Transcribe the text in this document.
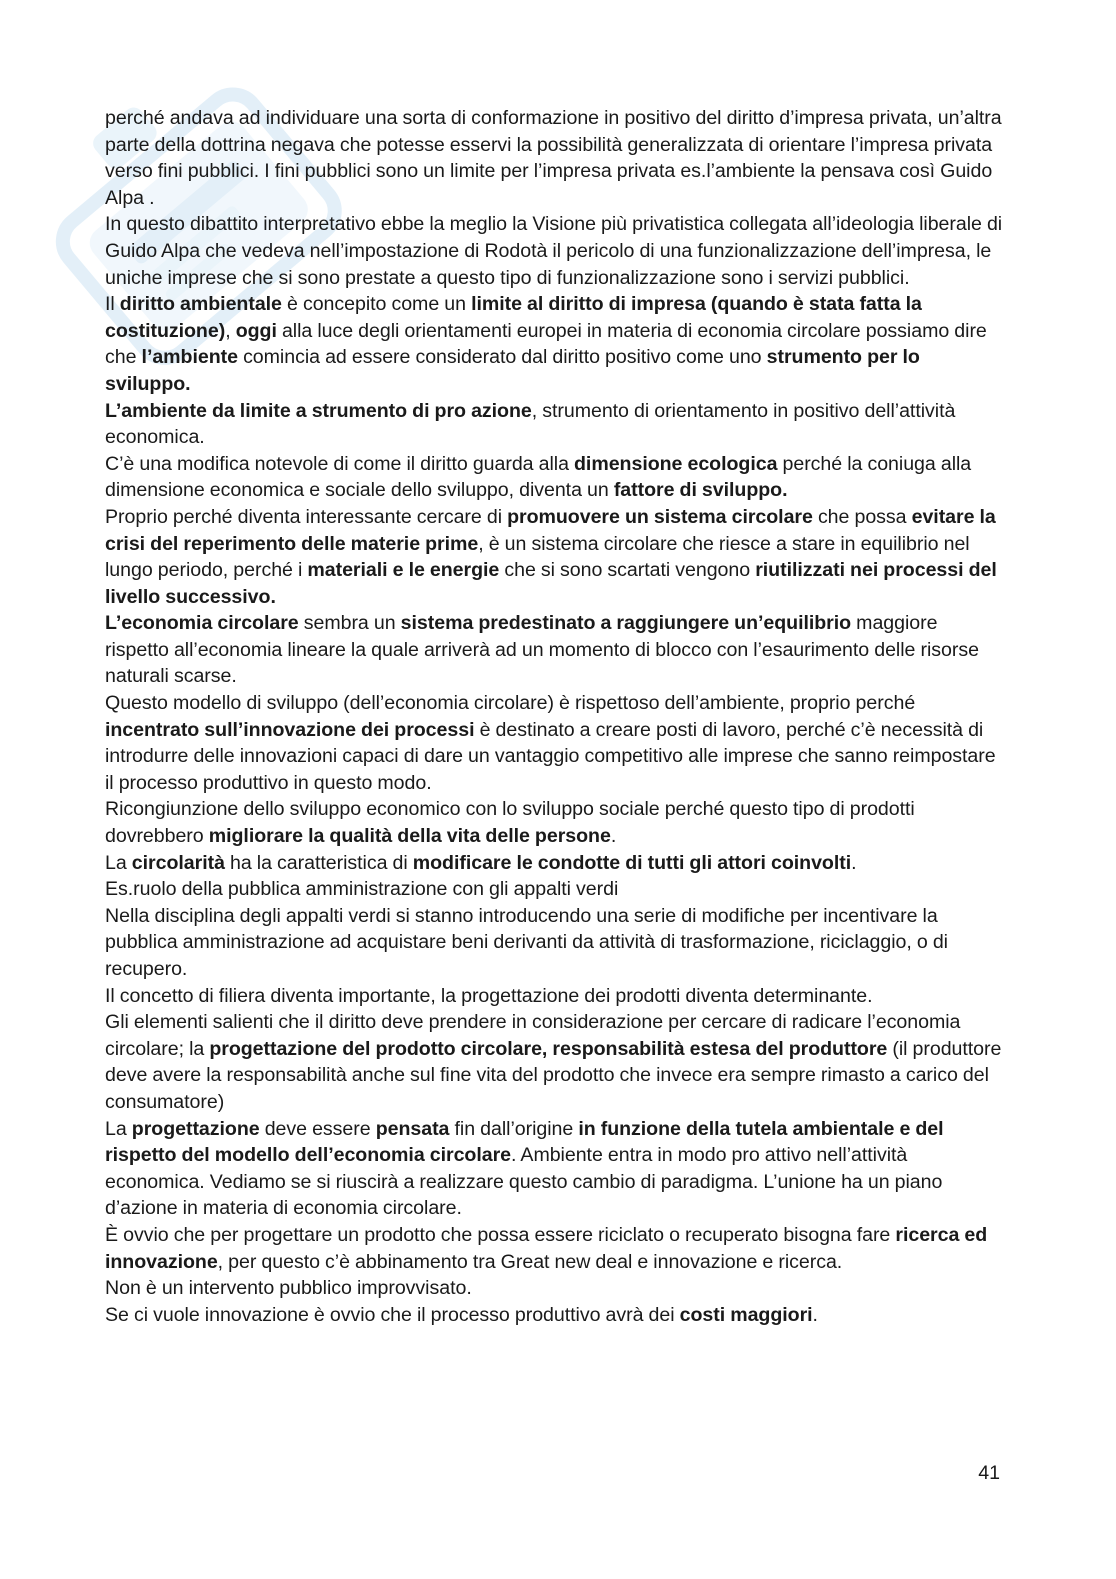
perché andava ad individuare una sorta di conformazione in positivo del diritto d’impresa privata, un’altra parte della dottrina negava che potesse esservi la possibilità generalizzata di orientare l’impresa privata verso fini pubblici. I fini pubblici sono un limite per l’impresa privata es.l’ambiente la pensava così Guido Alpa .

In questo dibattito interpretativo ebbe la meglio la Visione più privatistica collegata all’ideologia liberale di Guido Alpa che vedeva nell’impostazione di Rodotà il pericolo di una funzionalizzazione dell’impresa, le uniche imprese che si sono prestate a questo tipo di funzionalizzazione sono i servizi pubblici.

Il diritto ambientale è concepito come un limite al diritto di impresa (quando è stata fatta la costituzione), oggi alla luce degli orientamenti europei in materia di economia circolare possiamo dire che l’ambiente comincia ad essere considerato dal diritto positivo come uno strumento per lo sviluppo.

L’ambiente da limite a strumento di pro azione, strumento di orientamento in positivo dell’attività economica.

C’è una modifica notevole di come il diritto guarda alla dimensione ecologica perché la coniuga alla dimensione economica e sociale dello sviluppo, diventa un fattore di sviluppo.

Proprio perché diventa interessante cercare di promuovere un sistema circolare che possa evitare la crisi del reperimento delle materie prime, è un sistema circolare che riesce a stare in equilibrio nel lungo periodo, perché i materiali e le energie che si sono scartati vengono riutilizzati nei processi del livello successivo.

L’economia circolare sembra un sistema predestinato a raggiungere un’equilibrio maggiore rispetto all’economia lineare la quale arriverà ad un momento di blocco con l’esaurimento delle risorse naturali scarse.

Questo modello di sviluppo (dell’economia circolare) è rispettoso dell’ambiente, proprio perché incentrato sull’innovazione dei processi è destinato a creare posti di lavoro, perché c’è necessità di introdurre delle innovazioni capaci di dare un vantaggio competitivo alle imprese che sanno reimpostare il processo produttivo in questo modo.

Ricongiunzione dello sviluppo economico con lo sviluppo sociale perché questo tipo di prodotti dovrebbero migliorare la qualità della vita delle persone.

La circolarità ha la caratteristica di modificare le condotte di tutti gli attori coinvolti.

Es.ruolo della pubblica amministrazione con gli appalti verdi

Nella disciplina degli appalti verdi si stanno introducendo una serie di modifiche per incentivare la pubblica amministrazione ad acquistare beni derivanti da attività di trasformazione, riciclaggio, o di recupero.

Il concetto di filiera diventa importante, la progettazione dei prodotti diventa determinante.

Gli elementi salienti che il diritto deve prendere in considerazione per cercare di radicare l’economia circolare; la progettazione del prodotto circolare, responsabilità estesa del produttore (il produttore deve avere la responsabilità anche sul fine vita del prodotto che invece era sempre rimasto a carico del consumatore)

La progettazione deve essere pensata fin dall’origine in funzione della tutela ambientale e del rispetto del modello dell’economia circolare. Ambiente entra in modo pro attivo nell’attività economica. Vediamo se si riuscirà a realizzare questo cambio di paradigma. L’unione ha un piano d’azione in materia di economia circolare.

È ovvio che per progettare un prodotto che possa essere riciclato o recuperato bisogna fare ricerca ed innovazione, per questo c’è abbinamento tra Great new deal e innovazione e ricerca.

Non è un intervento pubblico improvvisato.

Se ci vuole innovazione è ovvio che il processo produttivo avrà dei costi maggiori.

41
